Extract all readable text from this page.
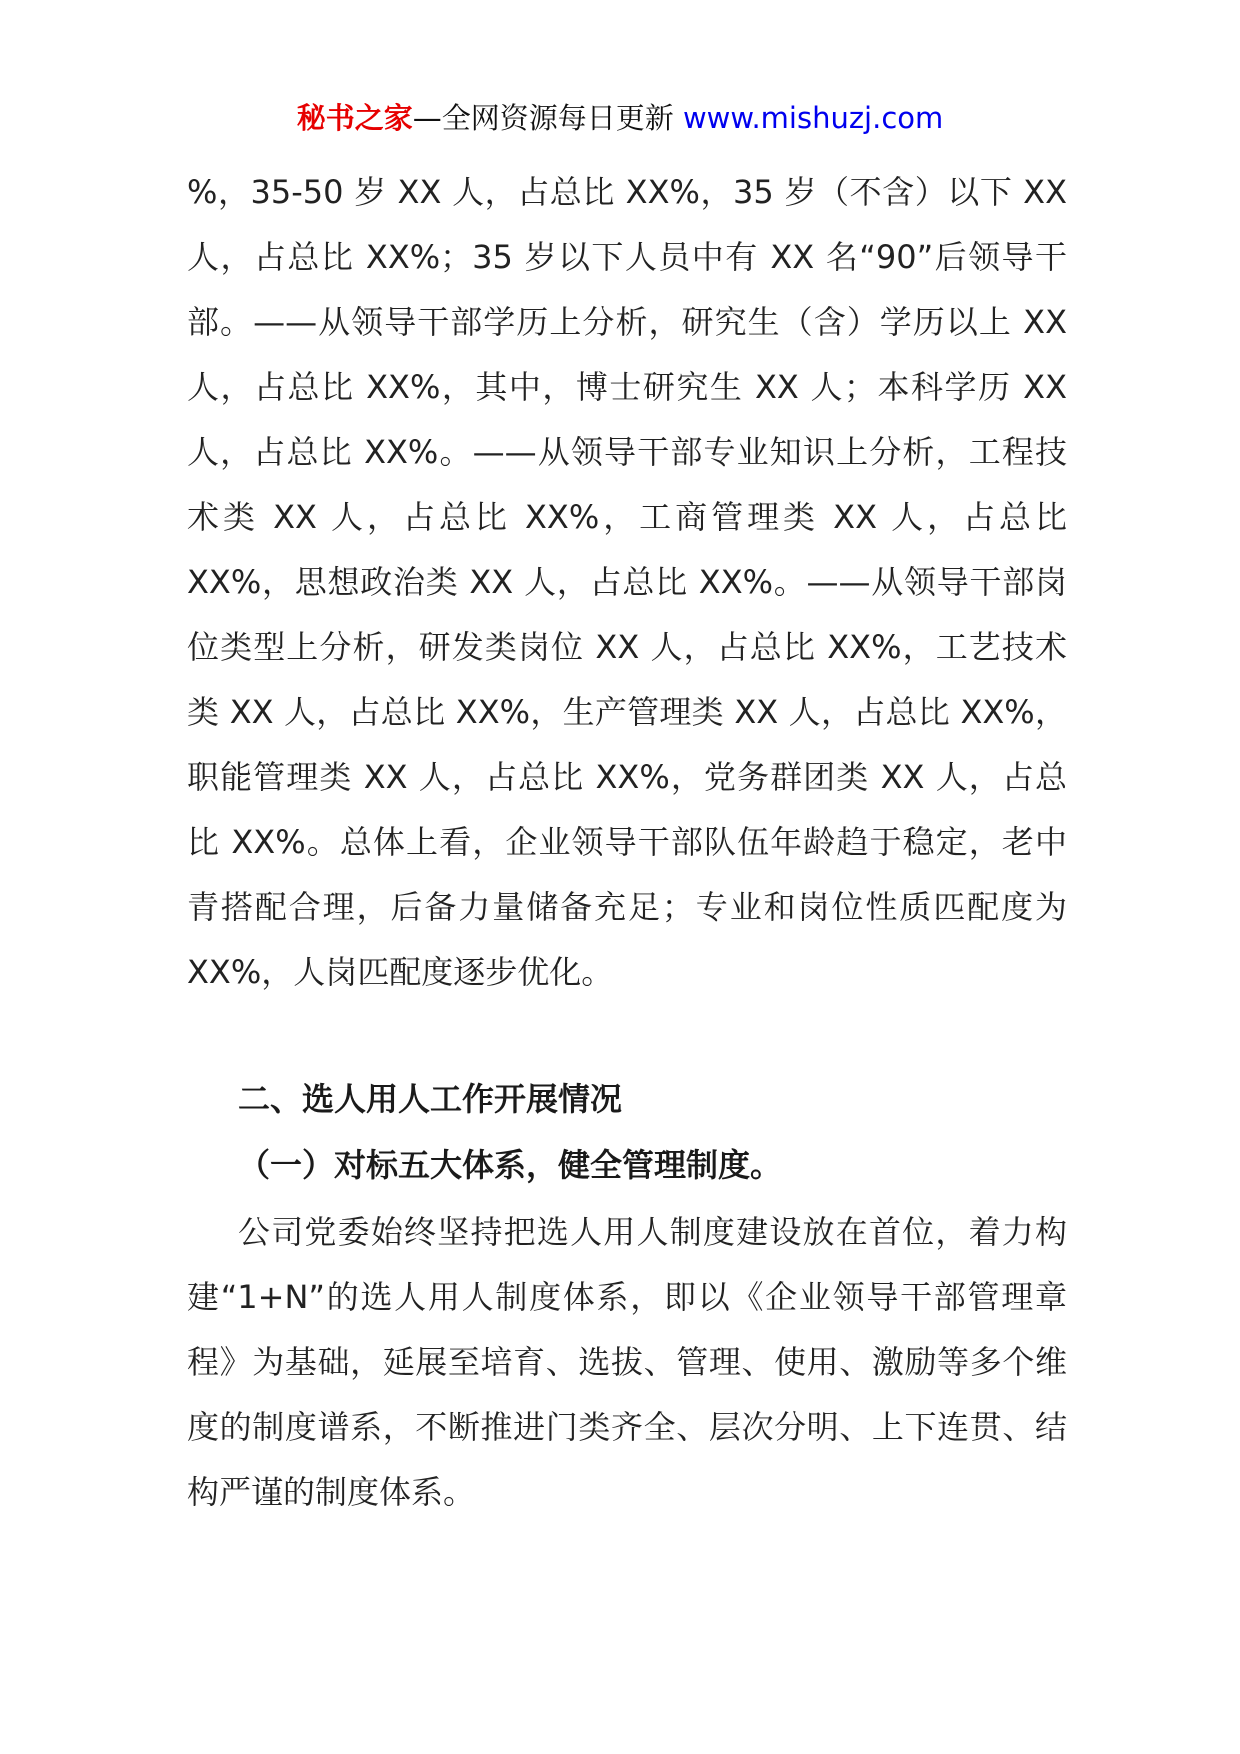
秘书之家—全网资源每日更新 www.mishuzj.com
%，35-50 岁 XX 人，占总比 XX%，35 岁（不含）以下 XX 人，占总比 XX%；35 岁以下人员中有 XX 名“90”后领导干部。——从领导干部学历上分析，研究生（含）学历以上 XX 人，占总比 XX%，其中，博士研究生 XX 人；本科学历 XX 人，占总比 XX%。——从领导干部专业知识上分析，工程技术类 XX 人，占总比 XX%，工商管理类 XX 人，占总比 XX%，思想政治类 XX 人，占总比 XX%。——从领导干部岗位类型上分析，研发类岗位 XX 人，占总比 XX%，工艺技术类 XX 人，占总比 XX%，生产管理类 XX 人，占总比 XX%，职能管理类 XX 人，占总比 XX%，党务群团类 XX 人，占总比 XX%。总体上看，企业领导干部队伍年龄趋于稳定，老中青搭配合理，后备力量储备充足；专业和岗位性质匹配度为 XX%，人岗匹配度逐步优化。
二、选人用人工作开展情况
（一）对标五大体系，健全管理制度。
公司党委始终坚持把选人用人制度建设放在首位，着力构建“1+N”的选人用人制度体系，即以《企业领导干部管理章程》为基础，延展至培育、选拔、管理、使用、激励等多个维度的制度谱系，不断推进门类齐全、层次分明、上下连贯、结构严谨的制度体系。
